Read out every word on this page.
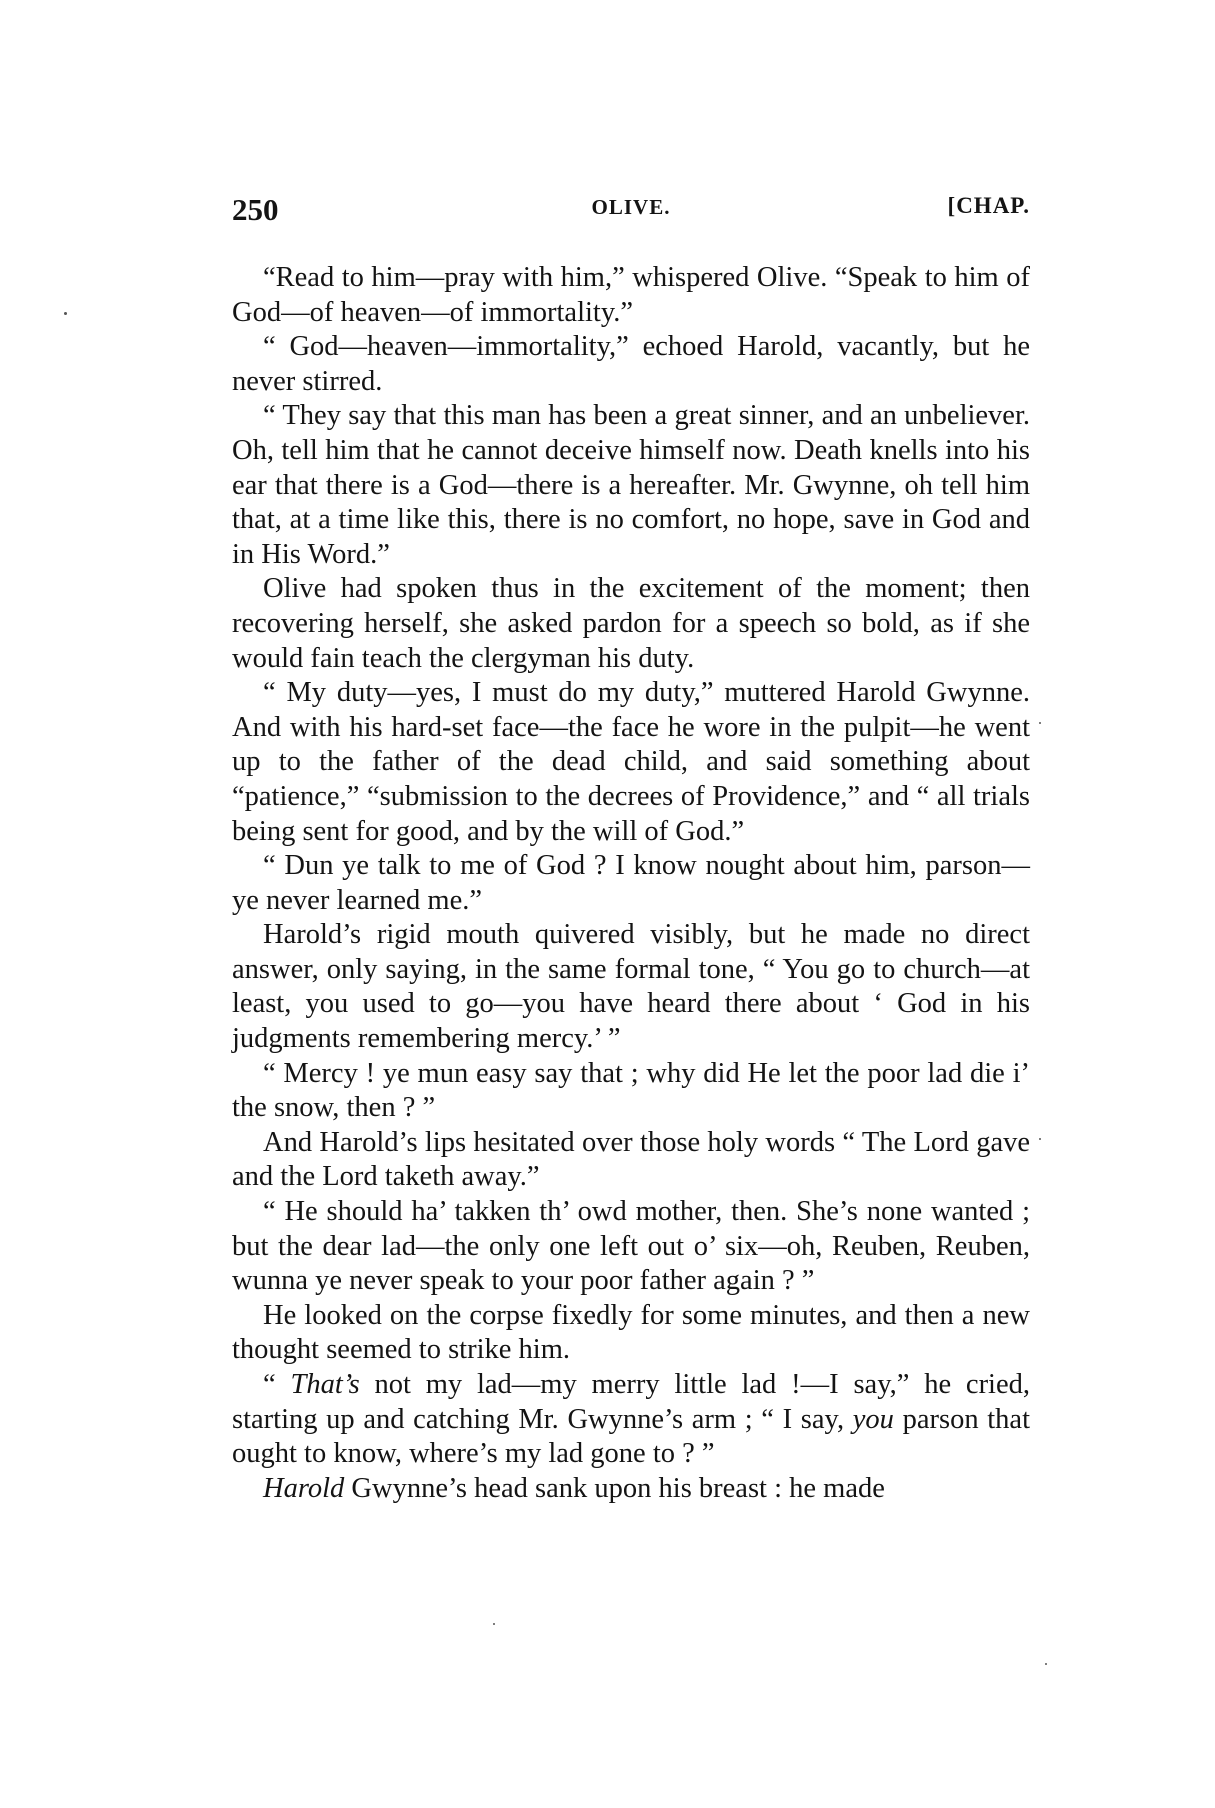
250	OLIVE.	[CHAP.

“Read to him—pray with him,” whispered Olive. “Speak to him of God—of heaven—of immortality.”

“ God—heaven—immortality,” echoed Harold, vacantly, but he never stirred.

“ They say that this man has been a great sinner, and an unbeliever. Oh, tell him that he cannot deceive himself now. Death knells into his ear that there is a God—there is a hereafter. Mr. Gwynne, oh tell him that, at a time like this, there is no comfort, no hope, save in God and in His Word.”

Olive had spoken thus in the excitement of the moment; then recovering herself, she asked pardon for a speech so bold, as if she would fain teach the clergyman his duty.

“ My duty—yes, I must do my duty,” muttered Harold Gwynne. And with his hard-set face—the face he wore in the pulpit—he went up to the father of the dead child, and said something about “patience,” “submission to the decrees of Providence,” and “ all trials being sent for good, and by the will of God.”

“ Dun ye talk to me of God ? I know nought about him, parson—ye never learned me.”

Harold’s rigid mouth quivered visibly, but he made no direct answer, only saying, in the same formal tone, “ You go to church—at least, you used to go—you have heard there about ‘ God in his judgments remembering mercy.’ ”

“ Mercy ! ye mun easy say that ; why did He let the poor lad die i’ the snow, then ? ”

And Harold’s lips hesitated over those holy words “ The Lord gave and the Lord taketh away.”

“ He should ha’ takken th’ owd mother, then. She’s none wanted ; but the dear lad—the only one left out o’ six—oh, Reuben, Reuben, wunna ye never speak to your poor father again ? ”

He looked on the corpse fixedly for some minutes, and then a new thought seemed to strike him.

“ That’s not my lad—my merry little lad !—I say,” he cried, starting up and catching Mr. Gwynne’s arm ; “ I say, you parson that ought to know, where’s my lad gone to ? ”

Harold Gwynne’s head sank upon his breast : he made
